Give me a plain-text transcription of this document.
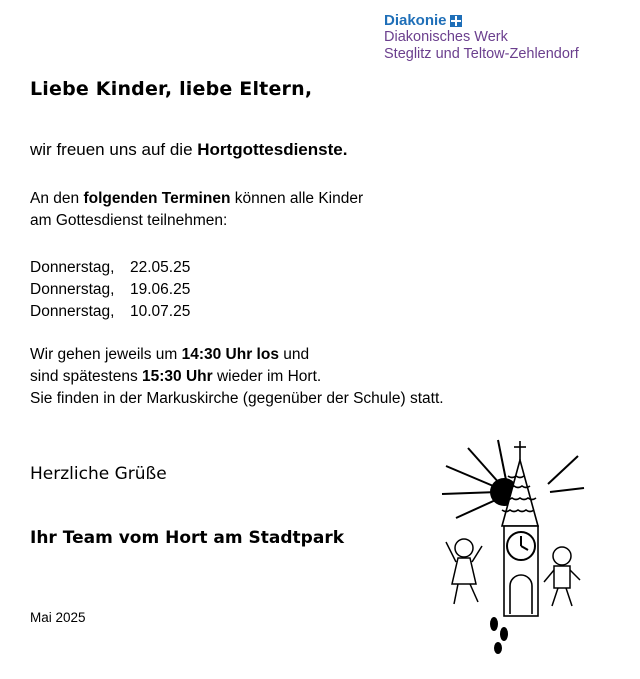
Diakonie
Diakonisches Werk
Steglitz und Teltow-Zehlendorf
Liebe Kinder, liebe Eltern,
wir freuen uns auf die Hortgottesdienste.
An den folgenden Terminen können alle Kinder
am Gottesdienst teilnehmen:
Donnerstag, 22.05.25
Donnerstag, 19.06.25
Donnerstag, 10.07.25
Wir gehen jeweils um 14:30 Uhr los und
sind spätestens 15:30 Uhr wieder im Hort.
Sie finden in der Markuskirche (gegenüber der Schule) statt.
Herzliche Grüße
Ihr Team vom Hort am Stadtpark
Mai 2025
